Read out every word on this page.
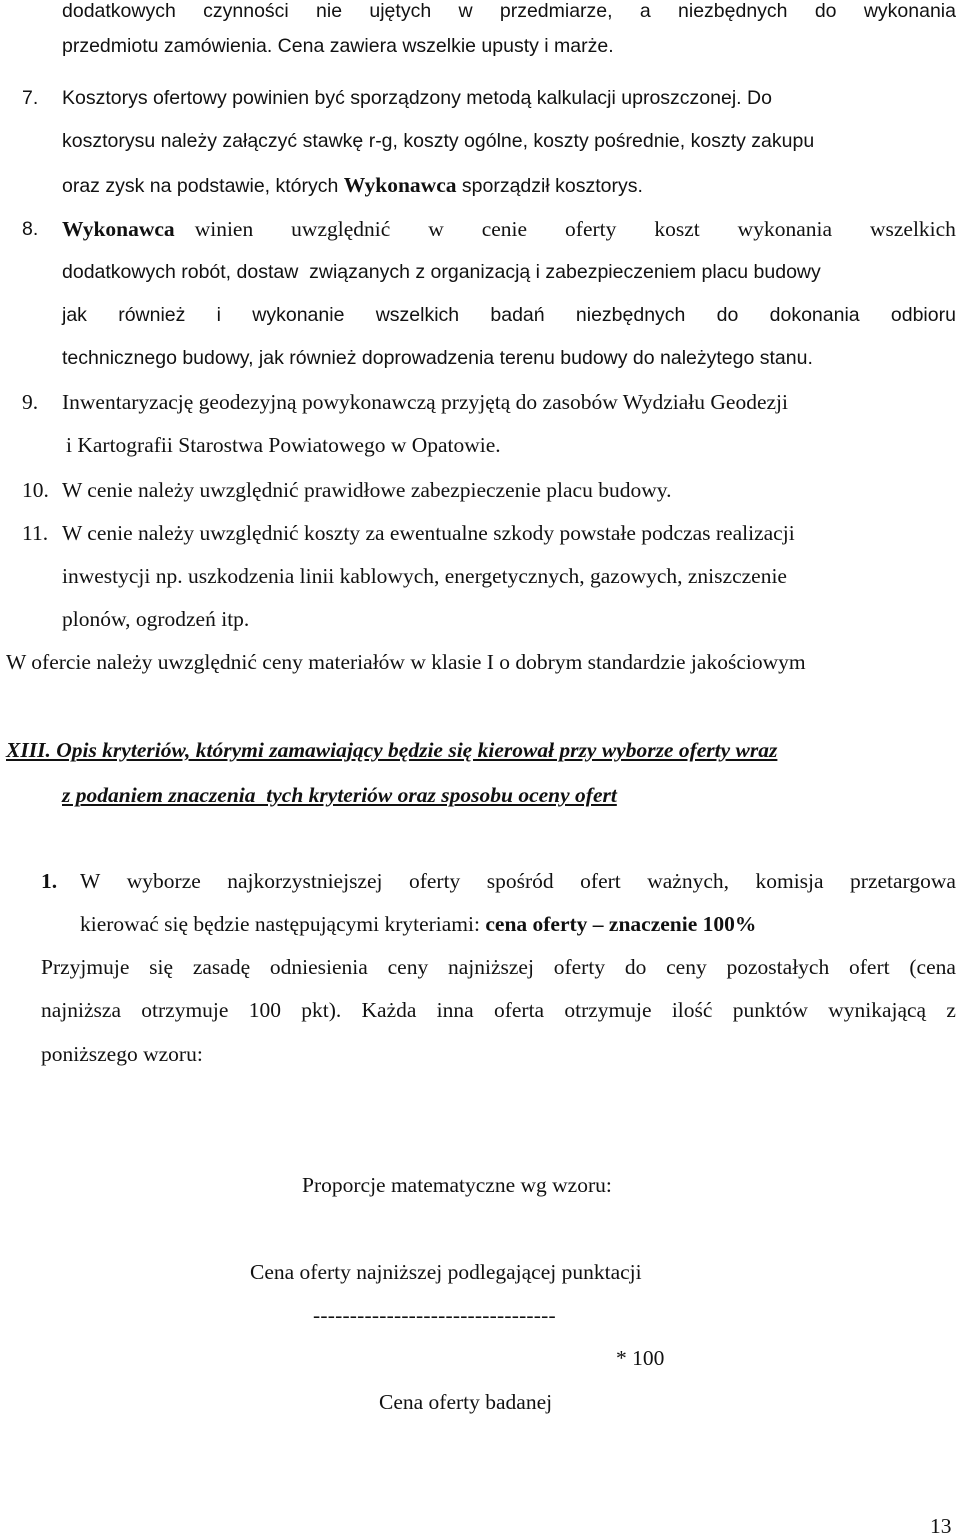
dodatkowych czynności nie ujętych w przedmiarze, a niezbędnych do wykonania
przedmiotu zamówienia. Cena zawiera wszelkie upusty i marże.
7. Kosztorys ofertowy powinien być sporządzony metodą kalkulacji uproszczonej. Do
kosztorysu należy załączyć stawkę r-g, koszty ogólne, koszty pośrednie, koszty zakupu
oraz zysk na podstawie, których Wykonawca sporządził kosztorys.
8. Wykonawca winien uwzględnić w cenie oferty koszt wykonania wszelkich
dodatkowych robót, dostaw  związanych z organizacją i zabezpieczeniem placu budowy
jak również i wykonanie wszelkich badań niezbędnych do dokonania odbioru
technicznego budowy, jak również doprowadzenia terenu budowy do należytego stanu.
9. Inwentaryzację geodezyjną powykonawczą przyjętą do zasobów Wydziału Geodezji
i Kartografii Starostwa Powiatowego w Opatowie.
10. W cenie należy uwzględnić prawidłowe zabezpieczenie placu budowy.
11. W cenie należy uwzględnić koszty za ewentualne szkody powstałe podczas realizacji
inwestycji np. uszkodzenia linii kablowych, energetycznych, gazowych, zniszczenie
plonów, ogrodzeń itp.
W ofercie należy uwzględnić ceny materiałów w klasie I o dobrym standardzie jakościowym
XIII. Opis kryteriów, którymi zamawiający będzie się kierował przy wyborze oferty wraz
z podaniem znaczenia  tych kryteriów oraz sposobu oceny ofert
1. W wyborze najkorzystniejszej oferty spośród ofert ważnych, komisja przetargowa
kierować się będzie następującymi kryteriami: cena oferty – znaczenie 100%
Przyjmuje się zasadę odniesienia ceny najniższej oferty do ceny pozostałych ofert (cena
najniższa otrzymuje 100 pkt). Każda inna oferta otrzymuje ilość punktów wynikającą z
poniższego wzoru:
Proporcje matematyczne wg wzoru:
Cena oferty najniższej podlegającej punktacji
---------------------------------
* 100
Cena oferty badanej
13
